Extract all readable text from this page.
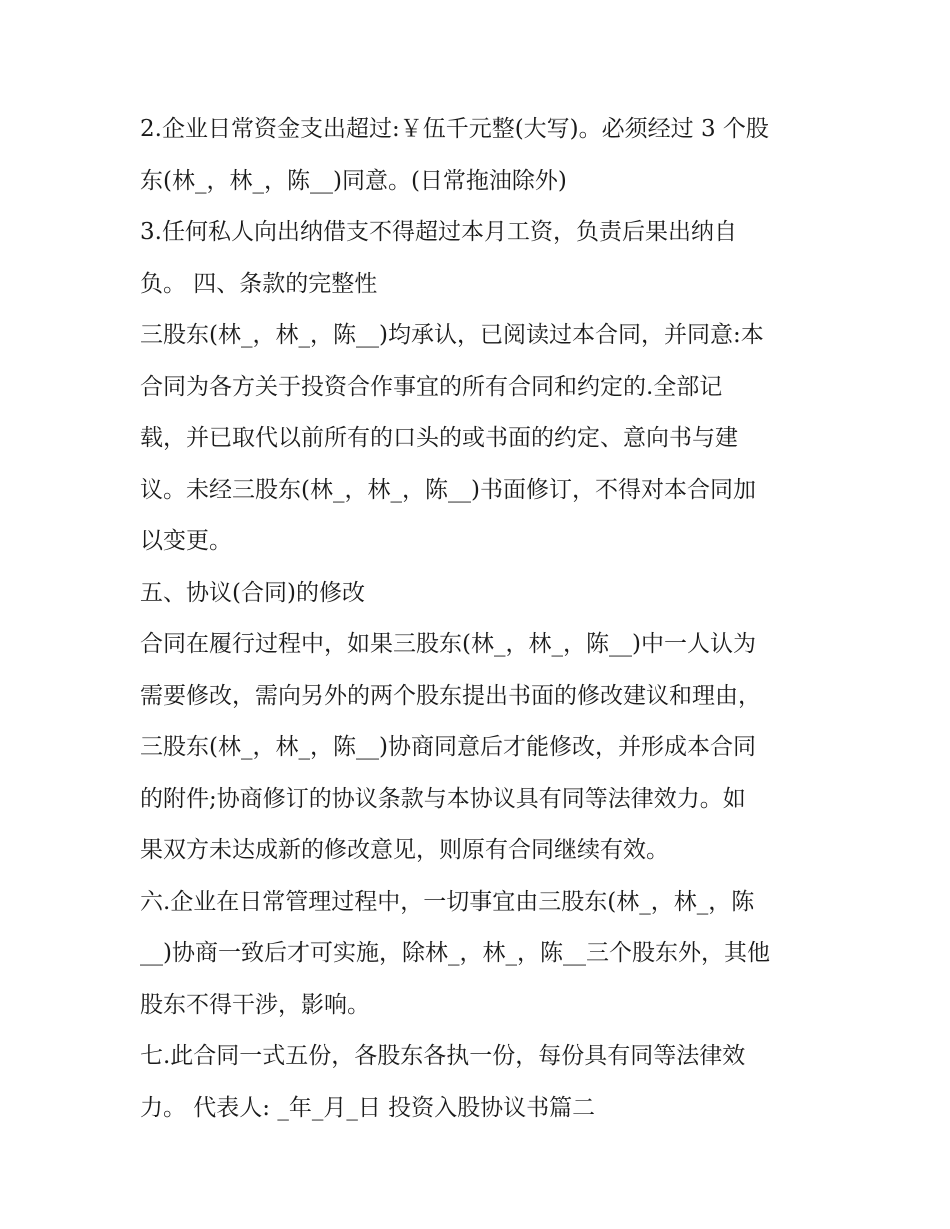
2.企业日常资金支出超过:￥伍千元整(大写)。必须经过 3 个股
东(林_，林_，陈__)同意。(日常拖油除外)
3.任何私人向出纳借支不得超过本月工资，负责后果出纳自
负。 四、条款的完整性
三股东(林_，林_，陈__)均承认，已阅读过本合同，并同意:本
合同为各方关于投资合作事宜的所有合同和约定的.全部记
载，并已取代以前所有的口头的或书面的约定、意向书与建
议。未经三股东(林_，林_，陈__)书面修订，不得对本合同加
以变更。
五、协议(合同)的修改
合同在履行过程中，如果三股东(林_，林_，陈__)中一人认为
需要修改，需向另外的两个股东提出书面的修改建议和理由，
三股东(林_，林_，陈__)协商同意后才能修改，并形成本合同
的附件;协商修订的协议条款与本协议具有同等法律效力。如
果双方未达成新的修改意见，则原有合同继续有效。
六.企业在日常管理过程中，一切事宜由三股东(林_，林_，陈
__)协商一致后才可实施，除林_，林_，陈__三个股东外，其他
股东不得干涉，影响。
七.此合同一式五份，各股东各执一份，每份具有同等法律效
力。 代表人: _年_月_日 投资入股协议书篇二
